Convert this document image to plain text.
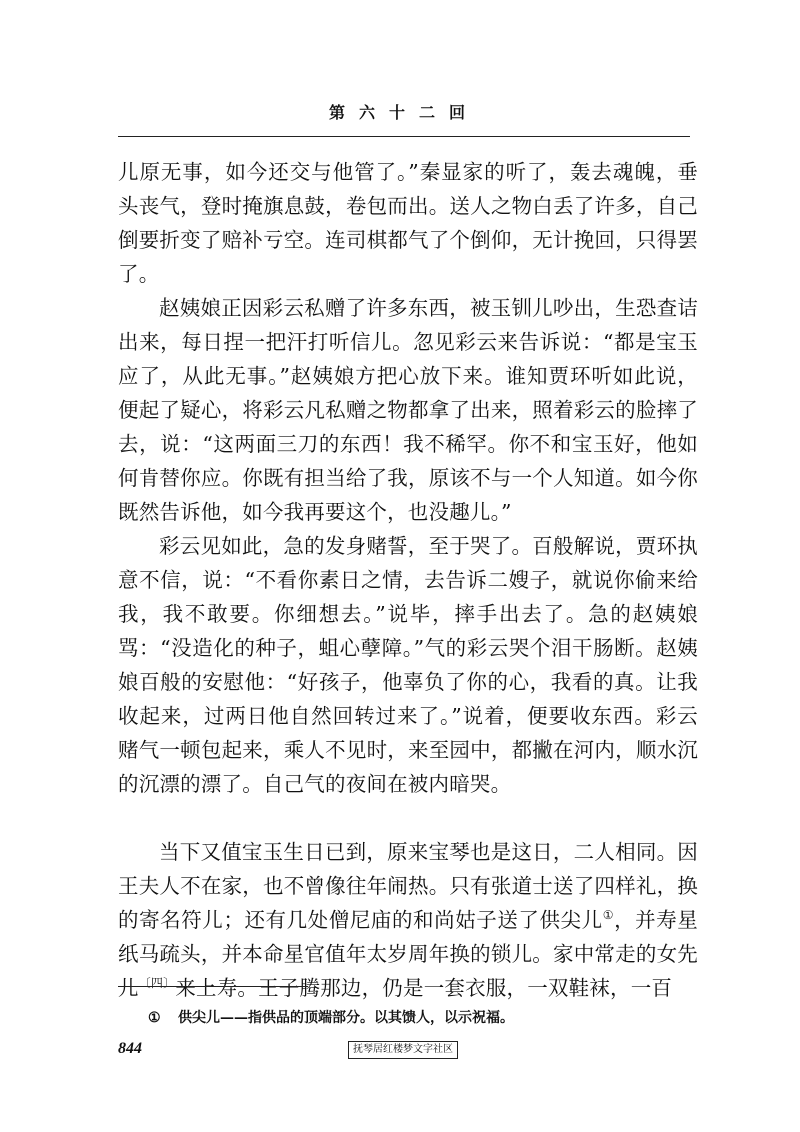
第六十二回

儿原无事，如今还交与他管了。”秦显家的听了，轰去魂魄，垂头丧气，登时掩旗息鼓，卷包而出。送人之物白丢了许多，自己倒要折变了赔补亏空。连司棋都气了个倒仰，无计挽回，只得罢了。

赵姨娘正因彩云私赠了许多东西，被玉钏儿吵出，生恐查诘出来，每日捏一把汗打听信儿。忽见彩云来告诉说：“都是宝玉应了，从此无事。”赵姨娘方把心放下来。谁知贾环听如此说，便起了疑心，将彩云凡私赠之物都拿了出来，照着彩云的脸摔了去，说：“这两面三刀的东西！我不稀罕。你不和宝玉好，他如何肯替你应。你既有担当给了我，原该不与一个人知道。如今你既然告诉他，如今我再要这个，也没趣儿。”

彩云见如此，急的发身赌誓，至于哭了。百般解说，贾环执意不信，说：“不看你素日之情，去告诉二嫂子，就说你偷来给我，我不敢要。你细想去。”说毕，摔手出去了。急的赵姨娘骂：“没造化的种子，蛆心孽障。”气的彩云哭个泪干肠断。赵姨娘百般的安慰他：“好孩子，他辜负了你的心，我看的真。让我收起来，过两日他自然回转过来了。”说着，便要收东西。彩云赌气一顿包起来，乘人不见时，来至园中，都撇在河内，顺水沉的沉漂的漂了。自己气的夜间在被内暗哭。

当下又值宝玉生日已到，原来宝琴也是这日，二人相同。因王夫人不在家，也不曾像往年闹热。只有张道士送了四样礼，换的寄名符儿；还有几处僧尼庙的和尚姑子送了供尖儿①，并寿星纸马疏头，并本命星官值年太岁周年换的锁儿。家中常走的女先儿$^{〔四〕}$来上寿。王子腾那边，仍是一套衣服，一双鞋袜，一百

① 供尖儿——指供品的顶端部分。以其馈人，以示祝福。
844	抚琴居红楼梦文字社区
